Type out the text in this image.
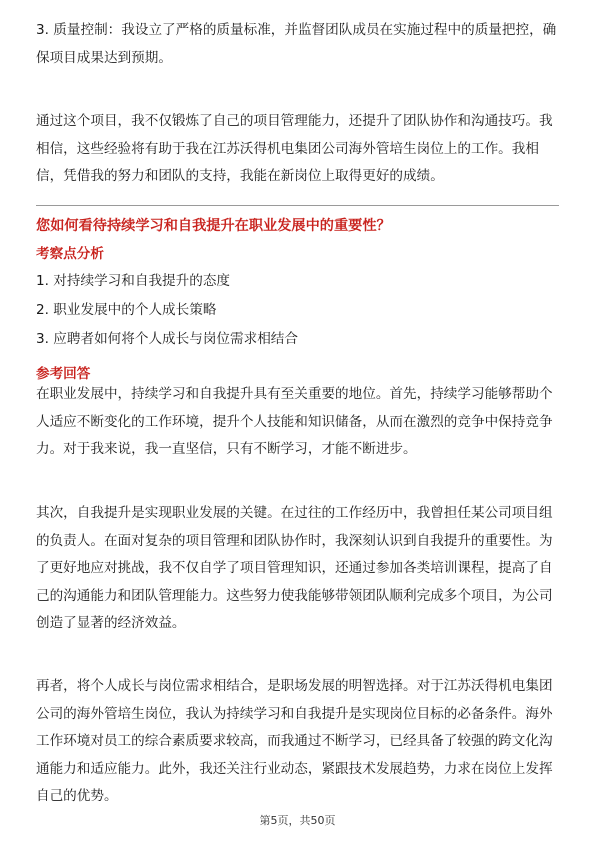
3. 质量控制：我设立了严格的质量标准，并监督团队成员在实施过程中的质量把控，确保项目成果达到预期。

通过这个项目，我不仅锻炼了自己的项目管理能力，还提升了团队协作和沟通技巧。我相信，这些经验将有助于我在江苏沃得机电集团公司海外管培生岗位上的工作。我相信，凭借我的努力和团队的支持，我能在新岗位上取得更好的成绩。

您如何看待持续学习和自我提升在职业发展中的重要性？
考察点分析

1. 对持续学习和自我提升的态度

2. 职业发展中的个人成长策略

3. 应聘者如何将个人成长与岗位需求相结合

参考回答

在职业发展中，持续学习和自我提升具有至关重要的地位。首先，持续学习能够帮助个人适应不断变化的工作环境，提升个人技能和知识储备，从而在激烈的竞争中保持竞争力。对于我来说，我一直坚信，只有不断学习，才能不断进步。

其次，自我提升是实现职业发展的关键。在过往的工作经历中，我曾担任某公司项目组的负责人。在面对复杂的项目管理和团队协作时，我深刻认识到自我提升的重要性。为了更好地应对挑战，我不仅自学了项目管理知识，还通过参加各类培训课程，提高了自己的沟通能力和团队管理能力。这些努力使我能够带领团队顺利完成多个项目，为公司创造了显著的经济效益。

再者，将个人成长与岗位需求相结合，是职场发展的明智选择。对于江苏沃得机电集团公司的海外管培生岗位，我认为持续学习和自我提升是实现岗位目标的必备条件。海外工作环境对员工的综合素质要求较高，而我通过不断学习，已经具备了较强的跨文化沟通能力和适应能力。此外，我还关注行业动态，紧跟技术发展趋势，力求在岗位上发挥自己的优势。

第5页，共50页
